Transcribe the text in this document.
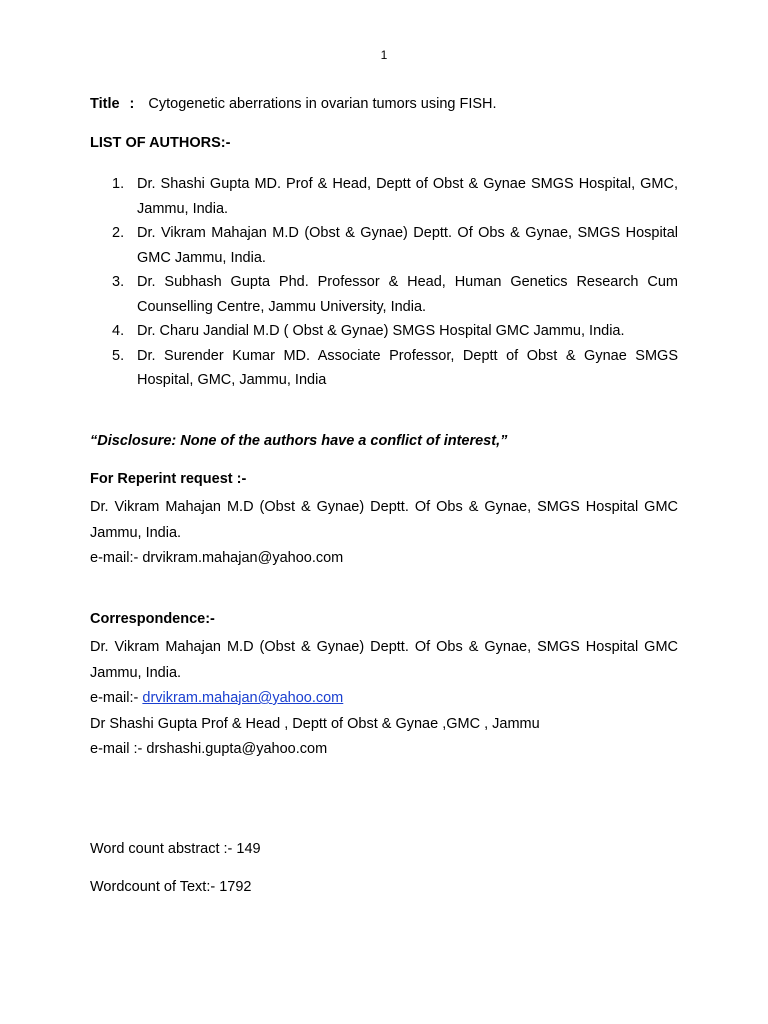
1
Title : Cytogenetic aberrations in ovarian tumors using FISH.
LIST OF AUTHORS:-
1. Dr. Shashi Gupta MD. Prof & Head, Deptt of Obst & Gynae SMGS Hospital, GMC, Jammu, India.
2. Dr. Vikram Mahajan M.D (Obst & Gynae) Deptt. Of Obs & Gynae, SMGS Hospital GMC Jammu, India.
3. Dr. Subhash Gupta Phd. Professor & Head, Human Genetics Research Cum Counselling Centre, Jammu University, India.
4. Dr. Charu Jandial M.D ( Obst & Gynae) SMGS Hospital GMC Jammu, India.
5. Dr. Surender Kumar MD. Associate Professor, Deptt of Obst & Gynae SMGS Hospital, GMC, Jammu, India
“Disclosure: None of the authors have a conflict of interest,”
For Reperint request :-

Dr. Vikram Mahajan M.D (Obst & Gynae) Deptt. Of Obs & Gynae, SMGS Hospital GMC Jammu, India.

e-mail:- drvikram.mahajan@yahoo.com

Correspondence:-

Dr. Vikram Mahajan M.D (Obst & Gynae) Deptt. Of Obs & Gynae, SMGS Hospital GMC Jammu, India.

e-mail:- drvikram.mahajan@yahoo.com

Dr Shashi Gupta Prof & Head , Deptt of Obst & Gynae ,GMC , Jammu

e-mail :- drshashi.gupta@yahoo.com

Word count abstract :- 149
Wordcount of Text:- 1792
